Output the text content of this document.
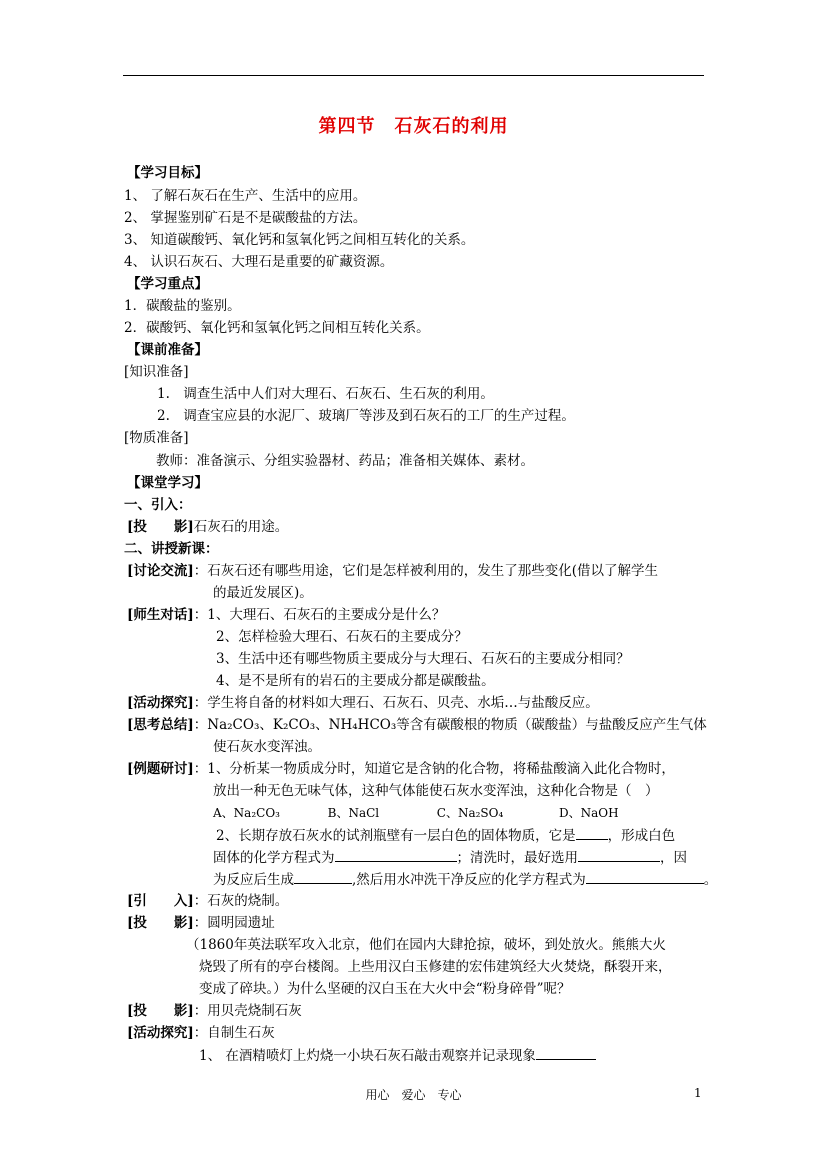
第四节　石灰石的利用
【学习目标】
1、 了解石灰石在生产、生活中的应用。
2、 掌握鉴别矿石是不是碳酸盐的方法。
3、 知道碳酸钙、氧化钙和氢氧化钙之间相互转化的关系。
4、 认识石灰石、大理石是重要的矿藏资源。
【学习重点】
1．碳酸盐的鉴别。
2．碳酸钙、氧化钙和氢氧化钙之间相互转化关系。
【课前准备】
[知识准备]
1.　调查生活中人们对大理石、石灰石、生石灰的利用。
2.　调查宝应县的水泥厂、玻璃厂等涉及到石灰石的工厂的生产过程。
[物质准备]
教师：准备演示、分组实验器材、药品；准备相关媒体、素材。
【课堂学习】
一、引入：
[投　　影]石灰石的用途。
二、讲授新课：
[讨论交流]：石灰石还有哪些用途，它们是怎样被利用的，发生了那些变化(借以了解学生
的最近发展区)。
[师生对话]：1、大理石、石灰石的主要成分是什么？
2、怎样检验大理石、石灰石的主要成分？
3、生活中还有哪些物质主要成分与大理石、石灰石的主要成分相同？
4、是不是所有的岩石的主要成分都是碳酸盐。
[活动探究]：学生将自备的材料如大理石、石灰石、贝壳、水垢…与盐酸反应。
[思考总结]：Na₂CO₃、K₂CO₃、NH₄HCO₃等含有碳酸根的物质（碳酸盐）与盐酸反应产生气体
使石灰水变浑浊。
[例题研讨]：1、分析某一物质成分时，知道它是含钠的化合物，将稀盐酸滴入此化合物时，
放出一种无色无味气体，这种气体能使石灰水变浑浊，这种化合物是（　）
A、Na₂CO₃	B、NaCl	C、Na₂SO₄	D、NaOH
2、长期存放石灰水的试剂瓶壁有一层白色的固体物质，它是 ，形成白色
固体的化学方程式为	；清洗时，最好选用	，因
为反应后生成	,然后用水冲洗干净反应的化学方程式为	。
[引　　入]：石灰的烧制。
[投　　影]：圆明园遗址
（1860年英法联军攻入北京，他们在园内大肆抢掠，破坏，到处放火。熊熊大火
烧毁了所有的亭台楼阁。上些用汉白玉修建的宏伟建筑经大火焚烧，酥裂开来，
变成了碎块。）为什么坚硬的汉白玉在大火中会“粉身碎骨”呢？
[投　　影]：用贝壳烧制石灰
[活动探究]：自制生石灰
1、 在酒精喷灯上灼烧一小块石灰石敲击观察并记录现象
用心　爱心　专心	1
